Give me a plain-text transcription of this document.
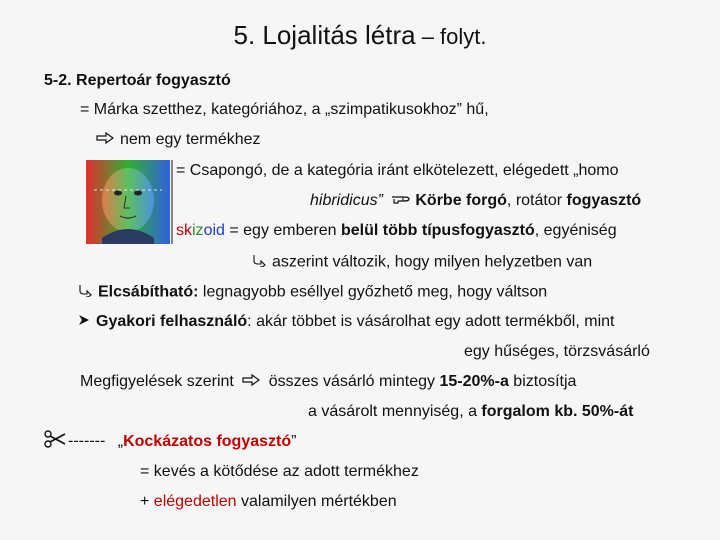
5. Lojalitás létra – folyt.
5-2. Repertoár fogyasztó
= Márka szetthez, kategóriához, a „szimpatikusokhoz” hű,
nem egy termékhez
= Csapongó, de a kategória iránt elkötelezett, elégedett „homo
hibridicus” Körbe forgó, rotátor fogyasztó
skizoid = egy emberen belül több típusfogyasztó, egyéniség
aszerint változik, hogy milyen helyzetben van
Elcsábítható: legnagyobb eséllyel győzhető meg, hogy váltson
Gyakori felhasználó: akár többet is vásárolhat egy adott termékből, mint
egy hűséges, törzsvásárló
Megfigyelések szerint  összes vásárló mintegy 15-20%-a biztosítja
a vásárolt mennyiség, a forgalom kb. 50%-át
------- „Kockázatos fogyasztó”
= kevés a kötődése az adott termékhez
+ elégedetlen valamilyen mértékben
